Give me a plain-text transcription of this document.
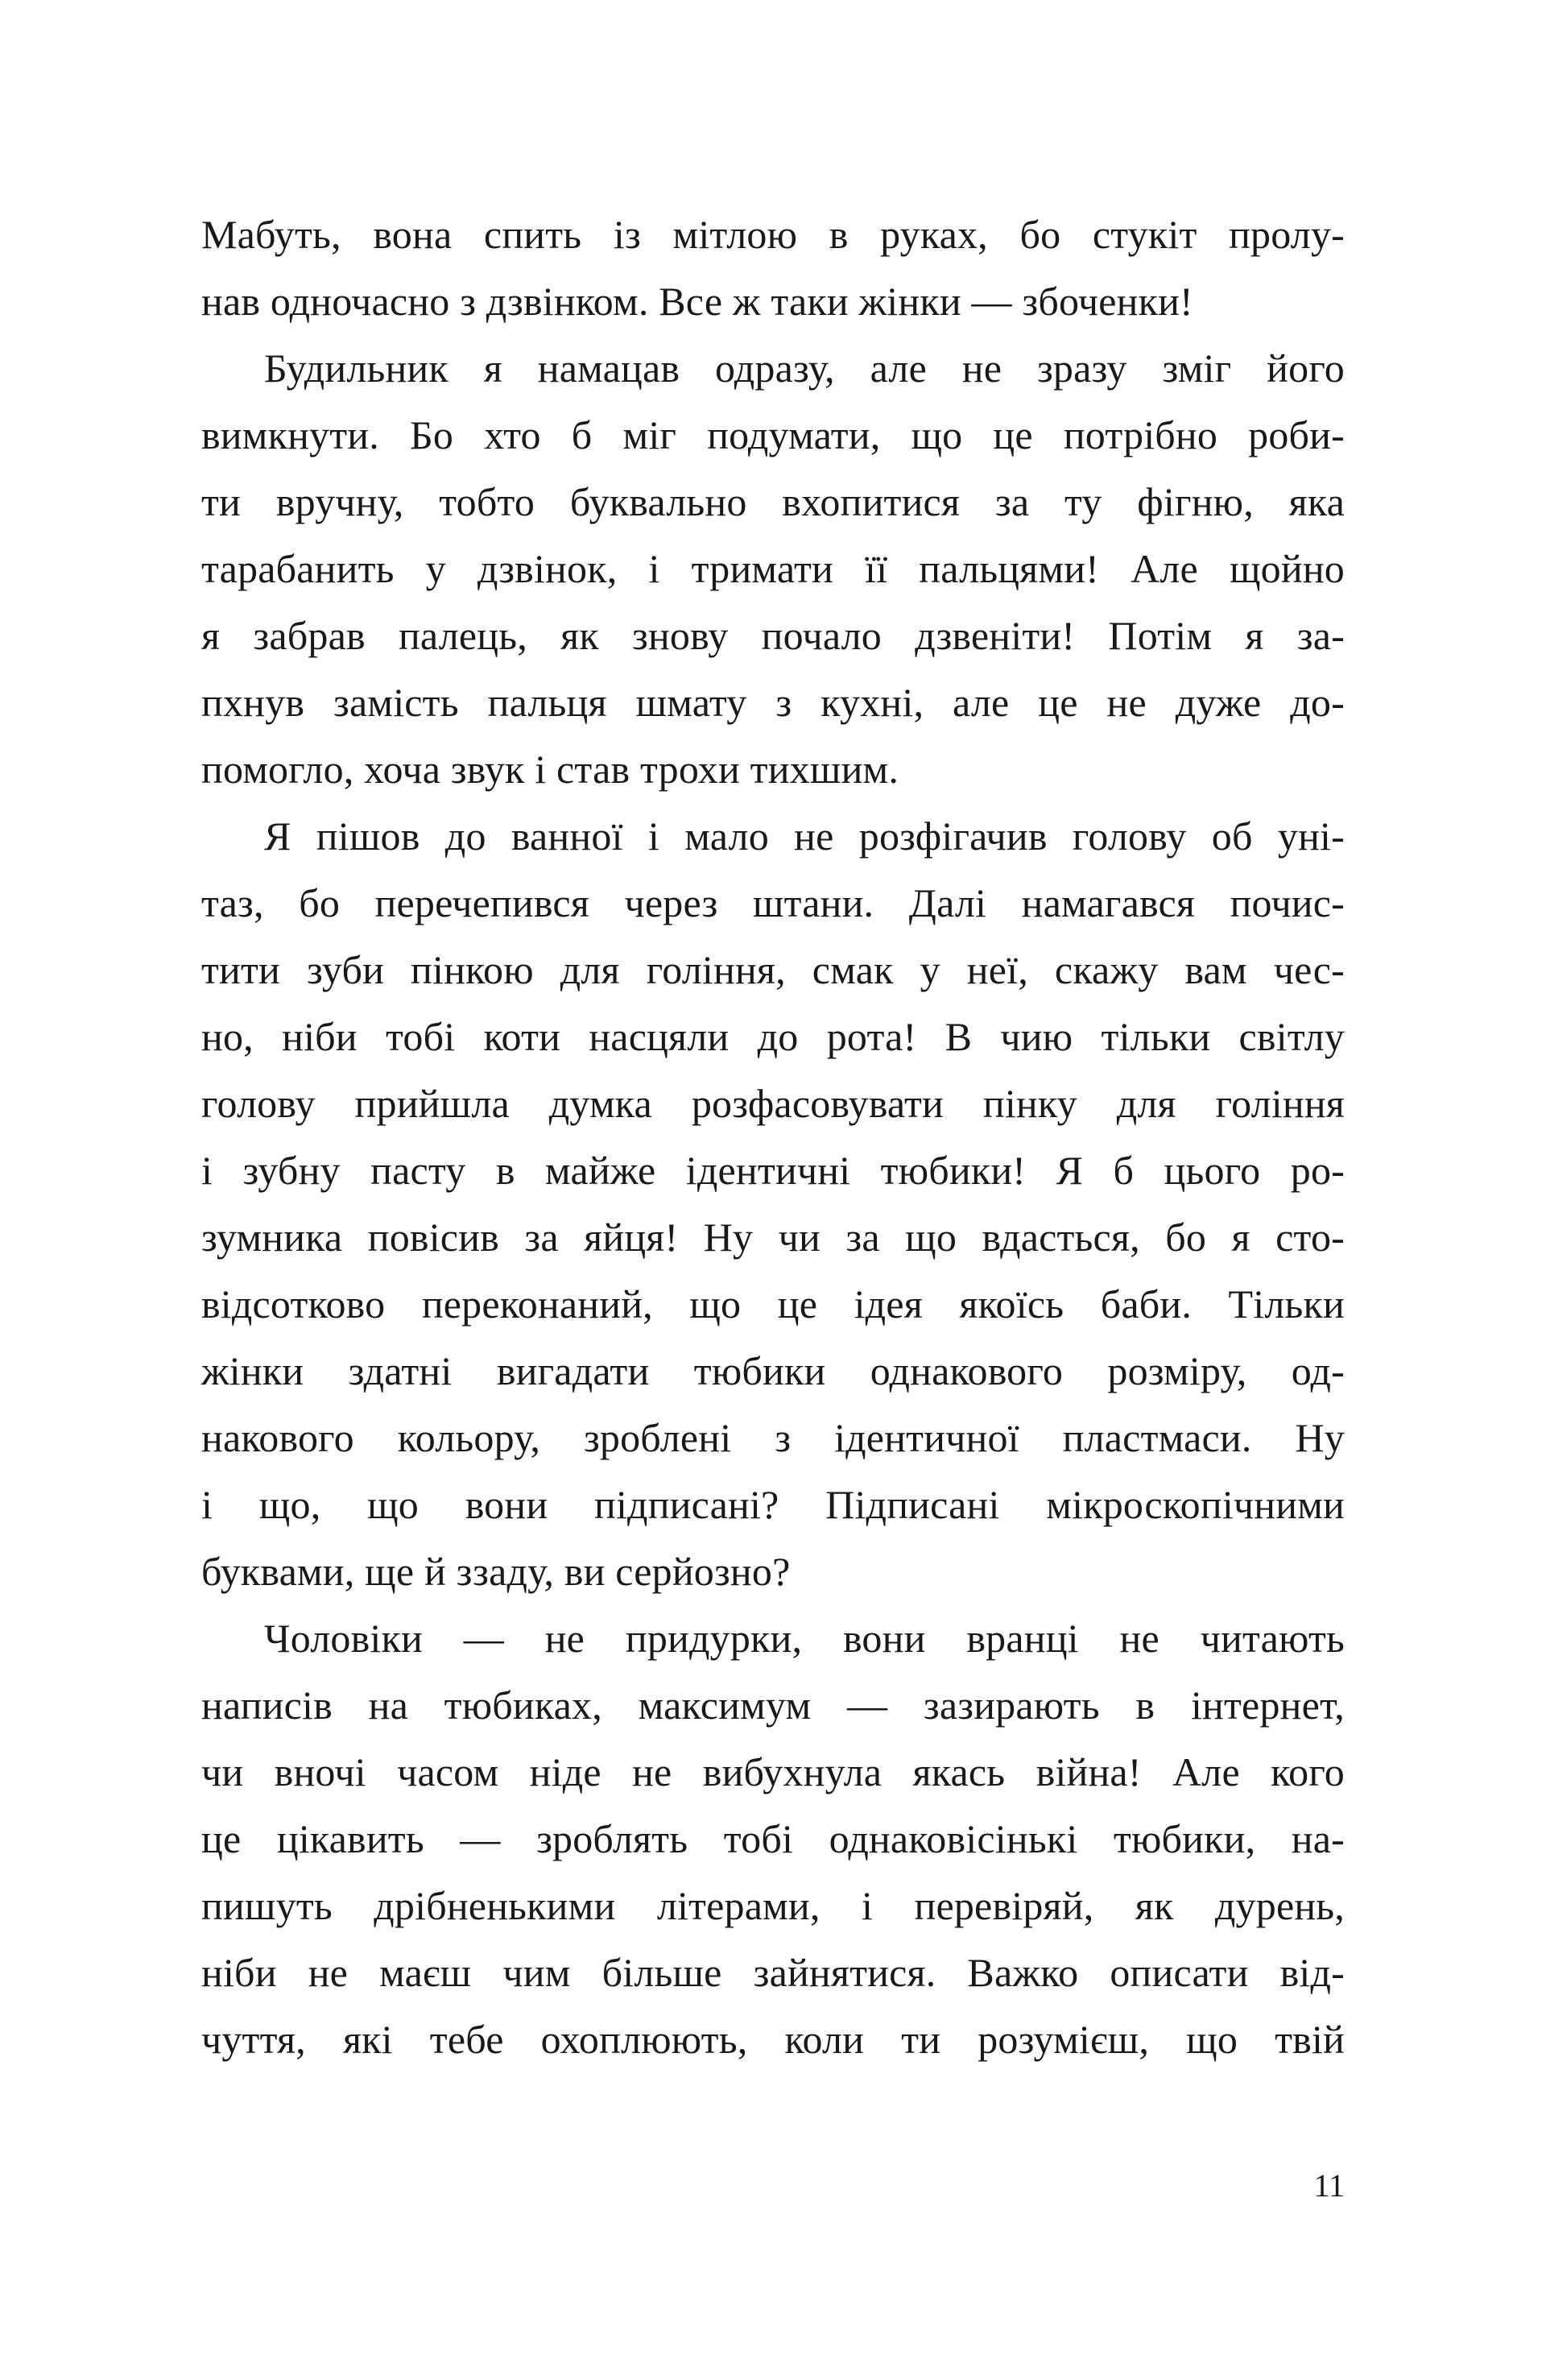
Мабуть, вона спить із мітлою в руках, бо стукіт пролу-
нав одночасно з дзвінком. Все ж таки жінки — збоченки!
Будильник я намацав одразу, але не зразу зміг його
вимкнути. Бо хто б міг подумати, що це потрібно роби-
ти вручну, тобто буквально вхопитися за ту фігню, яка
тарабанить у дзвінок, і тримати її пальцями! Але щойно
я забрав палець, як знову почало дзвеніти! Потім я за-
пхнув замість пальця шмату з кухні, але це не дуже до-
помогло, хоча звук і став трохи тихшим.
Я пішов до ванної і мало не розфігачив голову об уні-
таз, бо перечепився через штани. Далі намагався почис-
тити зуби пінкою для гоління, смак у неї, скажу вам чес-
но, ніби тобі коти насцяли до рота! В чию тільки світлу
голову прийшла думка розфасовувати пінку для гоління
і зубну пасту в майже ідентичні тюбики! Я б цього ро-
зумника повісив за яйця! Ну чи за що вдасться, бо я сто-
відсотково переконаний, що це ідея якоїсь баби. Тільки
жінки здатні вигадати тюбики однакового розміру, од-
накового кольору, зроблені з ідентичної пластмаси. Ну
і що, що вони підписані? Підписані мікроскопічними
буквами, ще й ззаду, ви серйозно?
Чоловіки — не придурки, вони вранці не читають
написів на тюбиках, максимум — зазирають в інтернет,
чи вночі часом ніде не вибухнула якась війна! Але кого
це цікавить — зроблять тобі однаковісінькі тюбики, на-
пишуть дрібненькими літерами, і перевіряй, як дурень,
ніби не маєш чим більше зайнятися. Важко описати від-
чуття, які тебе охоплюють, коли ти розумієш, що твій
11
